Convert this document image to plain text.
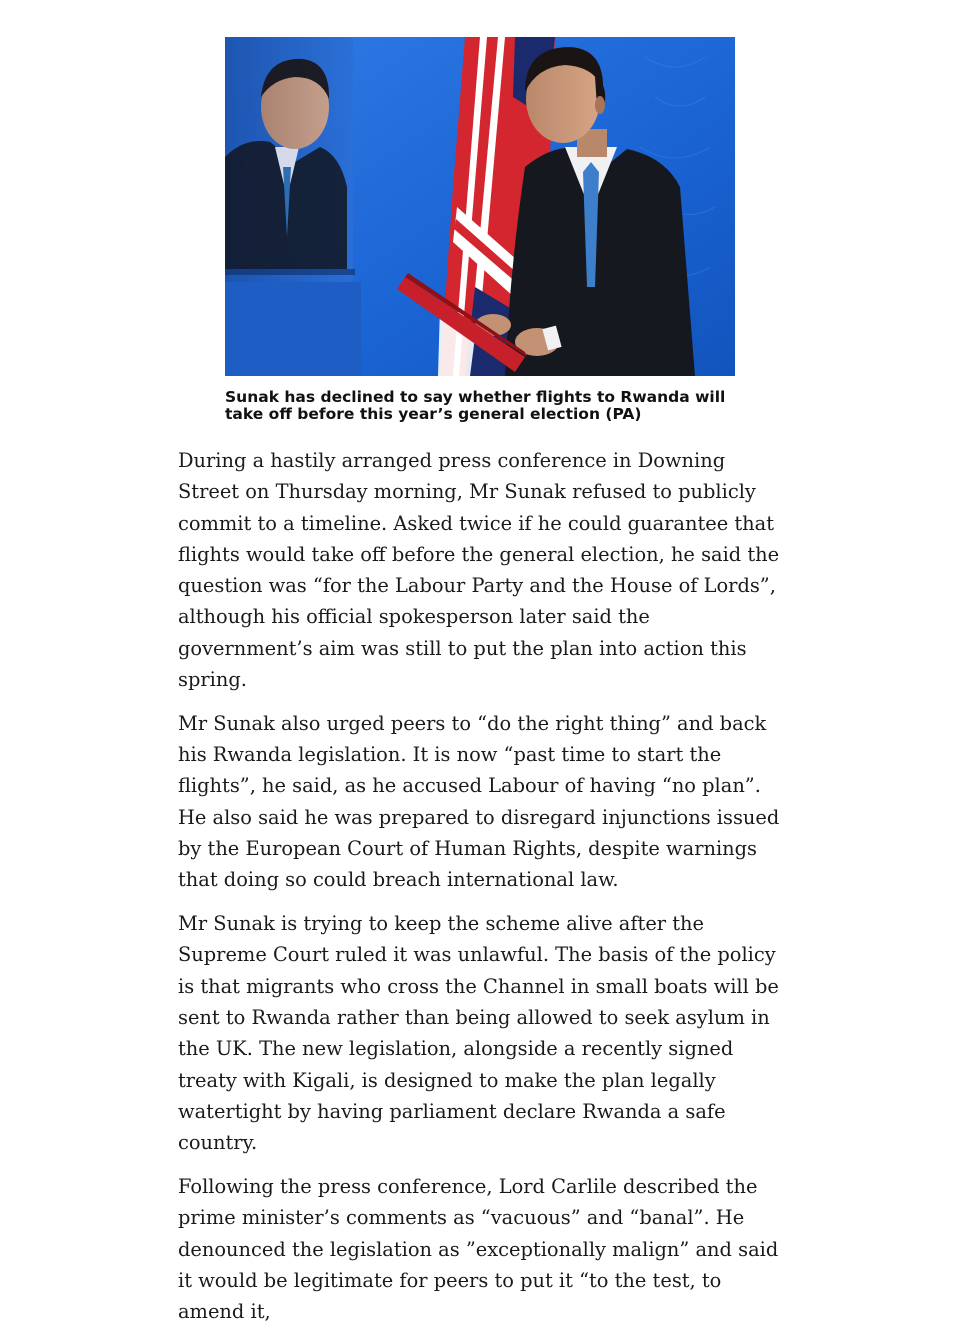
Sunak has declined to say whether flights to Rwanda will take off before this year’s general election (PA)

During a hastily arranged press conference in Downing Street on Thursday morning, Mr Sunak refused to publicly commit to a timeline. Asked twice if he could guarantee that flights would take off before the general election, he said the question was “for the Labour Party and the House of Lords”, although his official spokesperson later said the government’s aim was still to put the plan into action this spring.

Mr Sunak also urged peers to “do the right thing” and back his Rwanda legislation. It is now “past time to start the flights”, he said, as he accused Labour of having “no plan”. He also said he was prepared to disregard injunctions issued by the European Court of Human Rights, despite warnings that doing so could breach international law.

Mr Sunak is trying to keep the scheme alive after the Supreme Court ruled it was unlawful. The basis of the policy is that migrants who cross the Channel in small boats will be sent to Rwanda rather than being allowed to seek asylum in the UK. The new legislation, alongside a recently signed treaty with Kigali, is designed to make the plan legally watertight by having parliament declare Rwanda a safe country.

Following the press conference, Lord Carlile described the prime minister’s comments as “vacuous” and “banal”. He denounced the legislation as ”exceptionally malign” and said it would be legitimate for peers to put it “to the test, to amend it,
